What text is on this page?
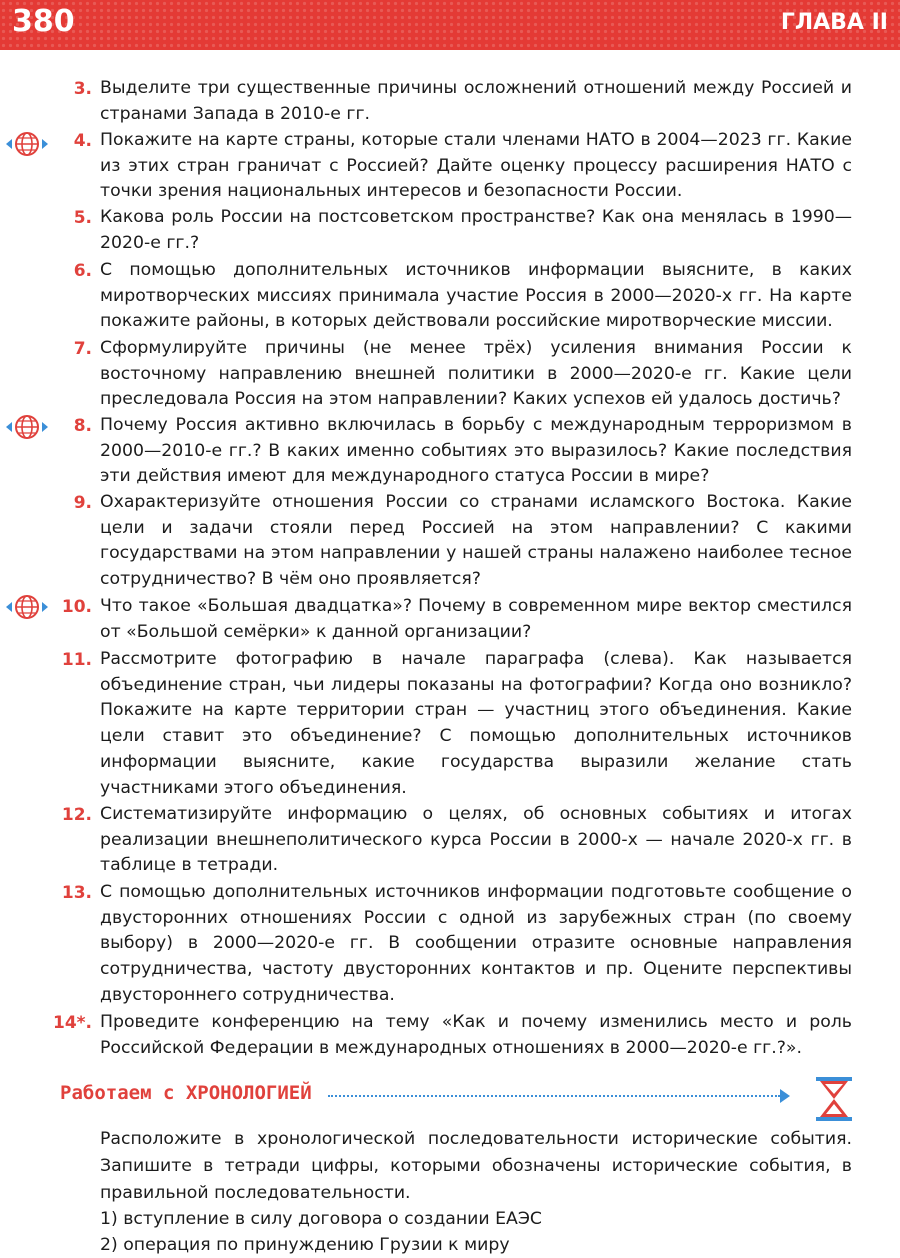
380	ГЛАВА II
3. Выделите три существенные причины осложнений отношений между Россией и странами Запада в 2010-е гг.
4. Покажите на карте страны, которые стали членами НАТО в 2004—2023 гг. Какие из этих стран граничат с Россией? Дайте оценку процессу расширения НАТО с точки зрения национальных интересов и безопасности России.
5. Какова роль России на постсоветском пространстве? Как она менялась в 1990—2020-е гг.?
6. С помощью дополнительных источников информации выясните, в каких миротворческих миссиях принимала участие Россия в 2000—2020-х гг. На карте покажите районы, в которых действовали российские миротворческие миссии.
7. Сформулируйте причины (не менее трёх) усиления внимания России к восточному направлению внешней политики в 2000—2020-е гг. Какие цели преследовала Россия на этом направлении? Каких успехов ей удалось достичь?
8. Почему Россия активно включилась в борьбу с международным терроризмом в 2000—2010-е гг.? В каких именно событиях это выразилось? Какие последствия эти действия имеют для международного статуса России в мире?
9. Охарактеризуйте отношения России со странами исламского Востока. Какие цели и задачи стояли перед Россией на этом направлении? С какими государствами на этом направлении у нашей страны налажено наиболее тесное сотрудничество? В чём оно проявляется?
10. Что такое «Большая двадцатка»? Почему в современном мире вектор сместился от «Большой семёрки» к данной организации?
11. Рассмотрите фотографию в начале параграфа (слева). Как называется объединение стран, чьи лидеры показаны на фотографии? Когда оно возникло? Покажите на карте территории стран — участниц этого объединения. Какие цели ставит это объединение? С помощью дополнительных источников информации выясните, какие государства выразили желание стать участниками этого объединения.
12. Систематизируйте информацию о целях, об основных событиях и итогах реализации внешнеполитического курса России в 2000-х — начале 2020-х гг. в таблице в тетради.
13. С помощью дополнительных источников информации подготовьте сообщение о двусторонних отношениях России с одной из зарубежных стран (по своему выбору) в 2000—2020-е гг. В сообщении отразите основные направления сотрудничества, частоту двусторонних контактов и пр. Оцените перспективы двустороннего сотрудничества.
14*. Проведите конференцию на тему «Как и почему изменились место и роль Российской Федерации в международных отношениях в 2000—2020-е гг.?».
Работаем с ХРОНОЛОГИЕЙ
Расположите в хронологической последовательности исторические события. Запишите в тетради цифры, которыми обозначены исторические события, в правильной последовательности.
1) вступление в силу договора о создании ЕАЭС
2) операция по принуждению Грузии к миру
